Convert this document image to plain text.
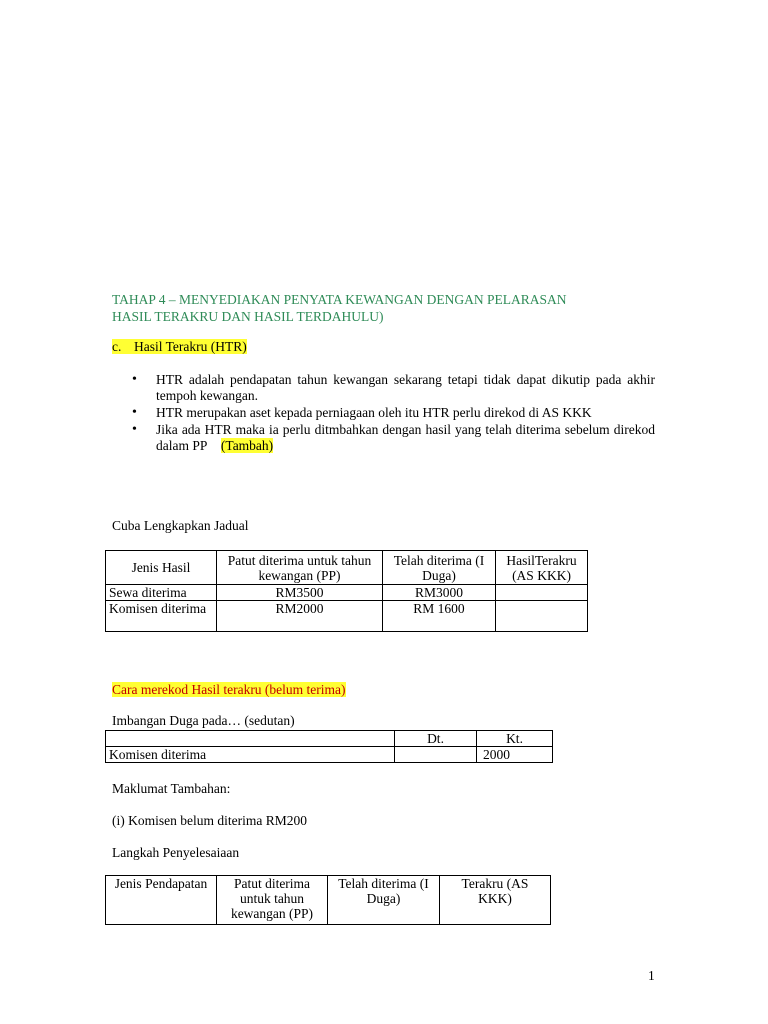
TAHAP 4 – MENYEDIAKAN PENYATA KEWANGAN DENGAN PELARASAN
HASIL TERAKRU DAN HASIL TERDAHULU)
c. Hasil Terakru (HTR)
• HTR adalah pendapatan tahun kewangan sekarang tetapi tidak dapat dikutip pada akhir tempoh kewangan.
• HTR merupakan aset kepada perniagaan oleh itu HTR perlu direkod di AS KKK
• Jika ada HTR maka ia perlu ditmbahkan dengan hasil yang telah diterima sebelum direkod dalam PP (Tambah)
Cuba Lengkapkan Jadual
Jenis Hasil	Patut diterima untuk tahun kewangan (PP)	Telah diterima (I Duga)	HasilTerakru (AS KKK)
Sewa diterima	RM3500	RM3000	
Komisen diterima	RM2000	RM 1600	
Cara merekod Hasil terakru (belum terima)
Imbangan Duga pada… (sedutan)
	Dt.	Kt.
Komisen diterima		2000
Maklumat Tambahan:
(i) Komisen belum diterima RM200
Langkah Penyelesaiaan
Jenis Pendapatan	Patut diterima untuk tahun kewangan (PP)	Telah diterima (I Duga)	Terakru (AS KKK)
1
